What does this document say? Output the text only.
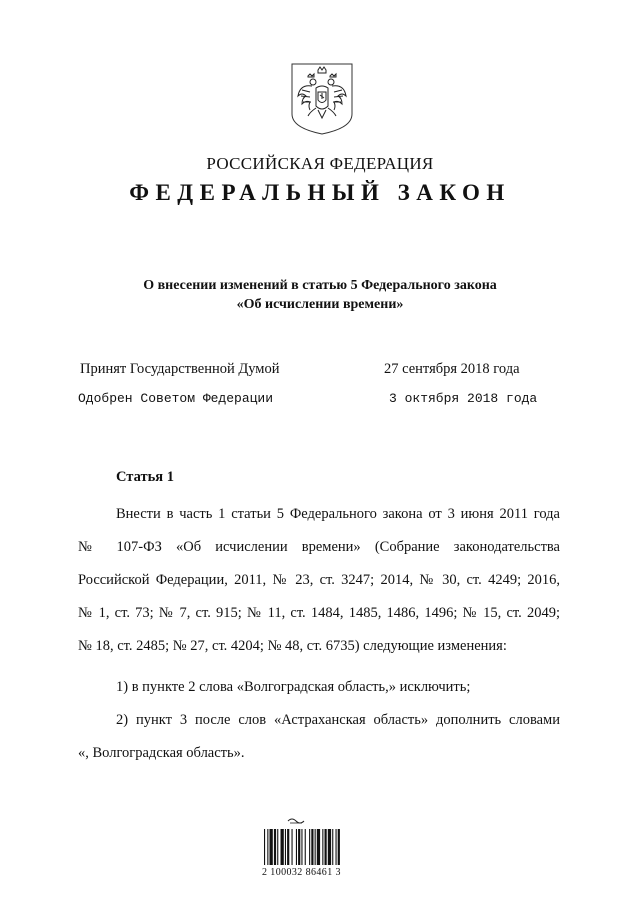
РОССИЙСКАЯ ФЕДЕРАЦИЯ
ФЕДЕРАЛЬНЫЙ ЗАКОН
О внесении изменений в статью 5 Федерального закона
«Об исчислении времени»
Принят Государственной Думой	27 сентября 2018 года
Одобрен Советом Федерации	3 октября 2018 года
Статья 1
Внести в часть 1 статьи 5 Федерального закона от 3 июня 2011 года
№ 107-ФЗ «Об исчислении времени» (Собрание законодательства
Российской Федерации, 2011, № 23, ст. 3247; 2014, № 30, ст. 4249; 2016,
№ 1, ст. 73; № 7, ст. 915; № 11, ст. 1484, 1485, 1486, 1496; № 15, ст. 2049;
№ 18, ст. 2485; № 27, ст. 4204; № 48, ст. 6735) следующие изменения:
1) в пункте 2 слова «Волгоградская область,» исключить;
2) пункт 3 после слов «Астраханская область» дополнить словами
«, Волгоградская область».
2 100032 86461 3
